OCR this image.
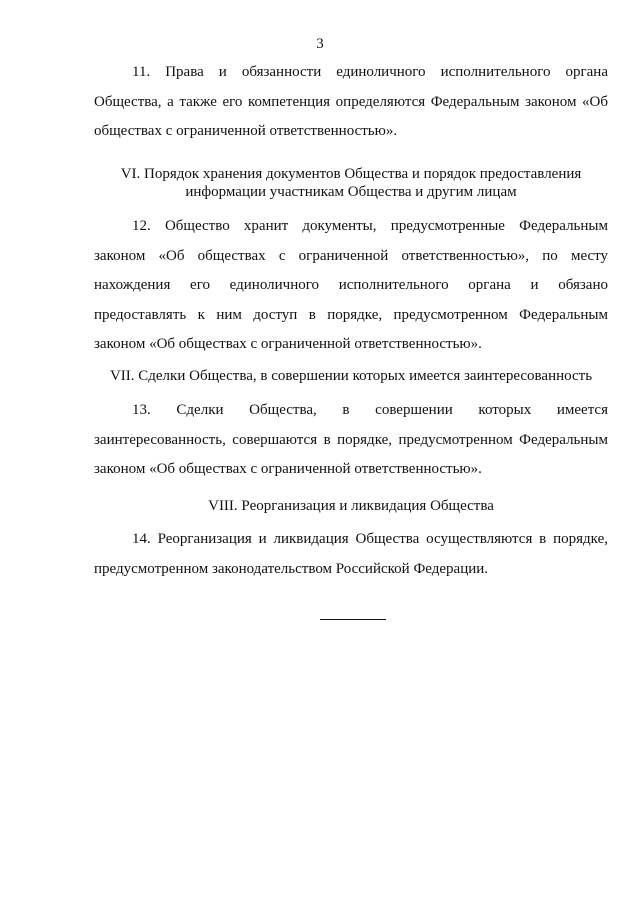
3

11. Права и обязанности единоличного исполнительного органа Общества, а также его компетенция определяются Федеральным законом «Об обществах с ограниченной ответственностью».

VI. Порядок хранения документов Общества и порядок предоставления
информации участникам Общества и другим лицам

12. Общество хранит документы, предусмотренные Федеральным законом «Об обществах с ограниченной ответственностью», по месту нахождения его единоличного исполнительного органа и обязано предоставлять к ним доступ в порядке, предусмотренном Федеральным законом «Об обществах с ограниченной ответственностью».

VII. Сделки Общества, в совершении которых имеется заинтересованность

13. Сделки Общества, в совершении которых имеется заинтересованность, совершаются в порядке, предусмотренном Федеральным законом «Об обществах с ограниченной ответственностью».

VIII. Реорганизация и ликвидация Общества

14. Реорганизация и ликвидация Общества осуществляются в порядке, предусмотренном законодательством Российской Федерации.
